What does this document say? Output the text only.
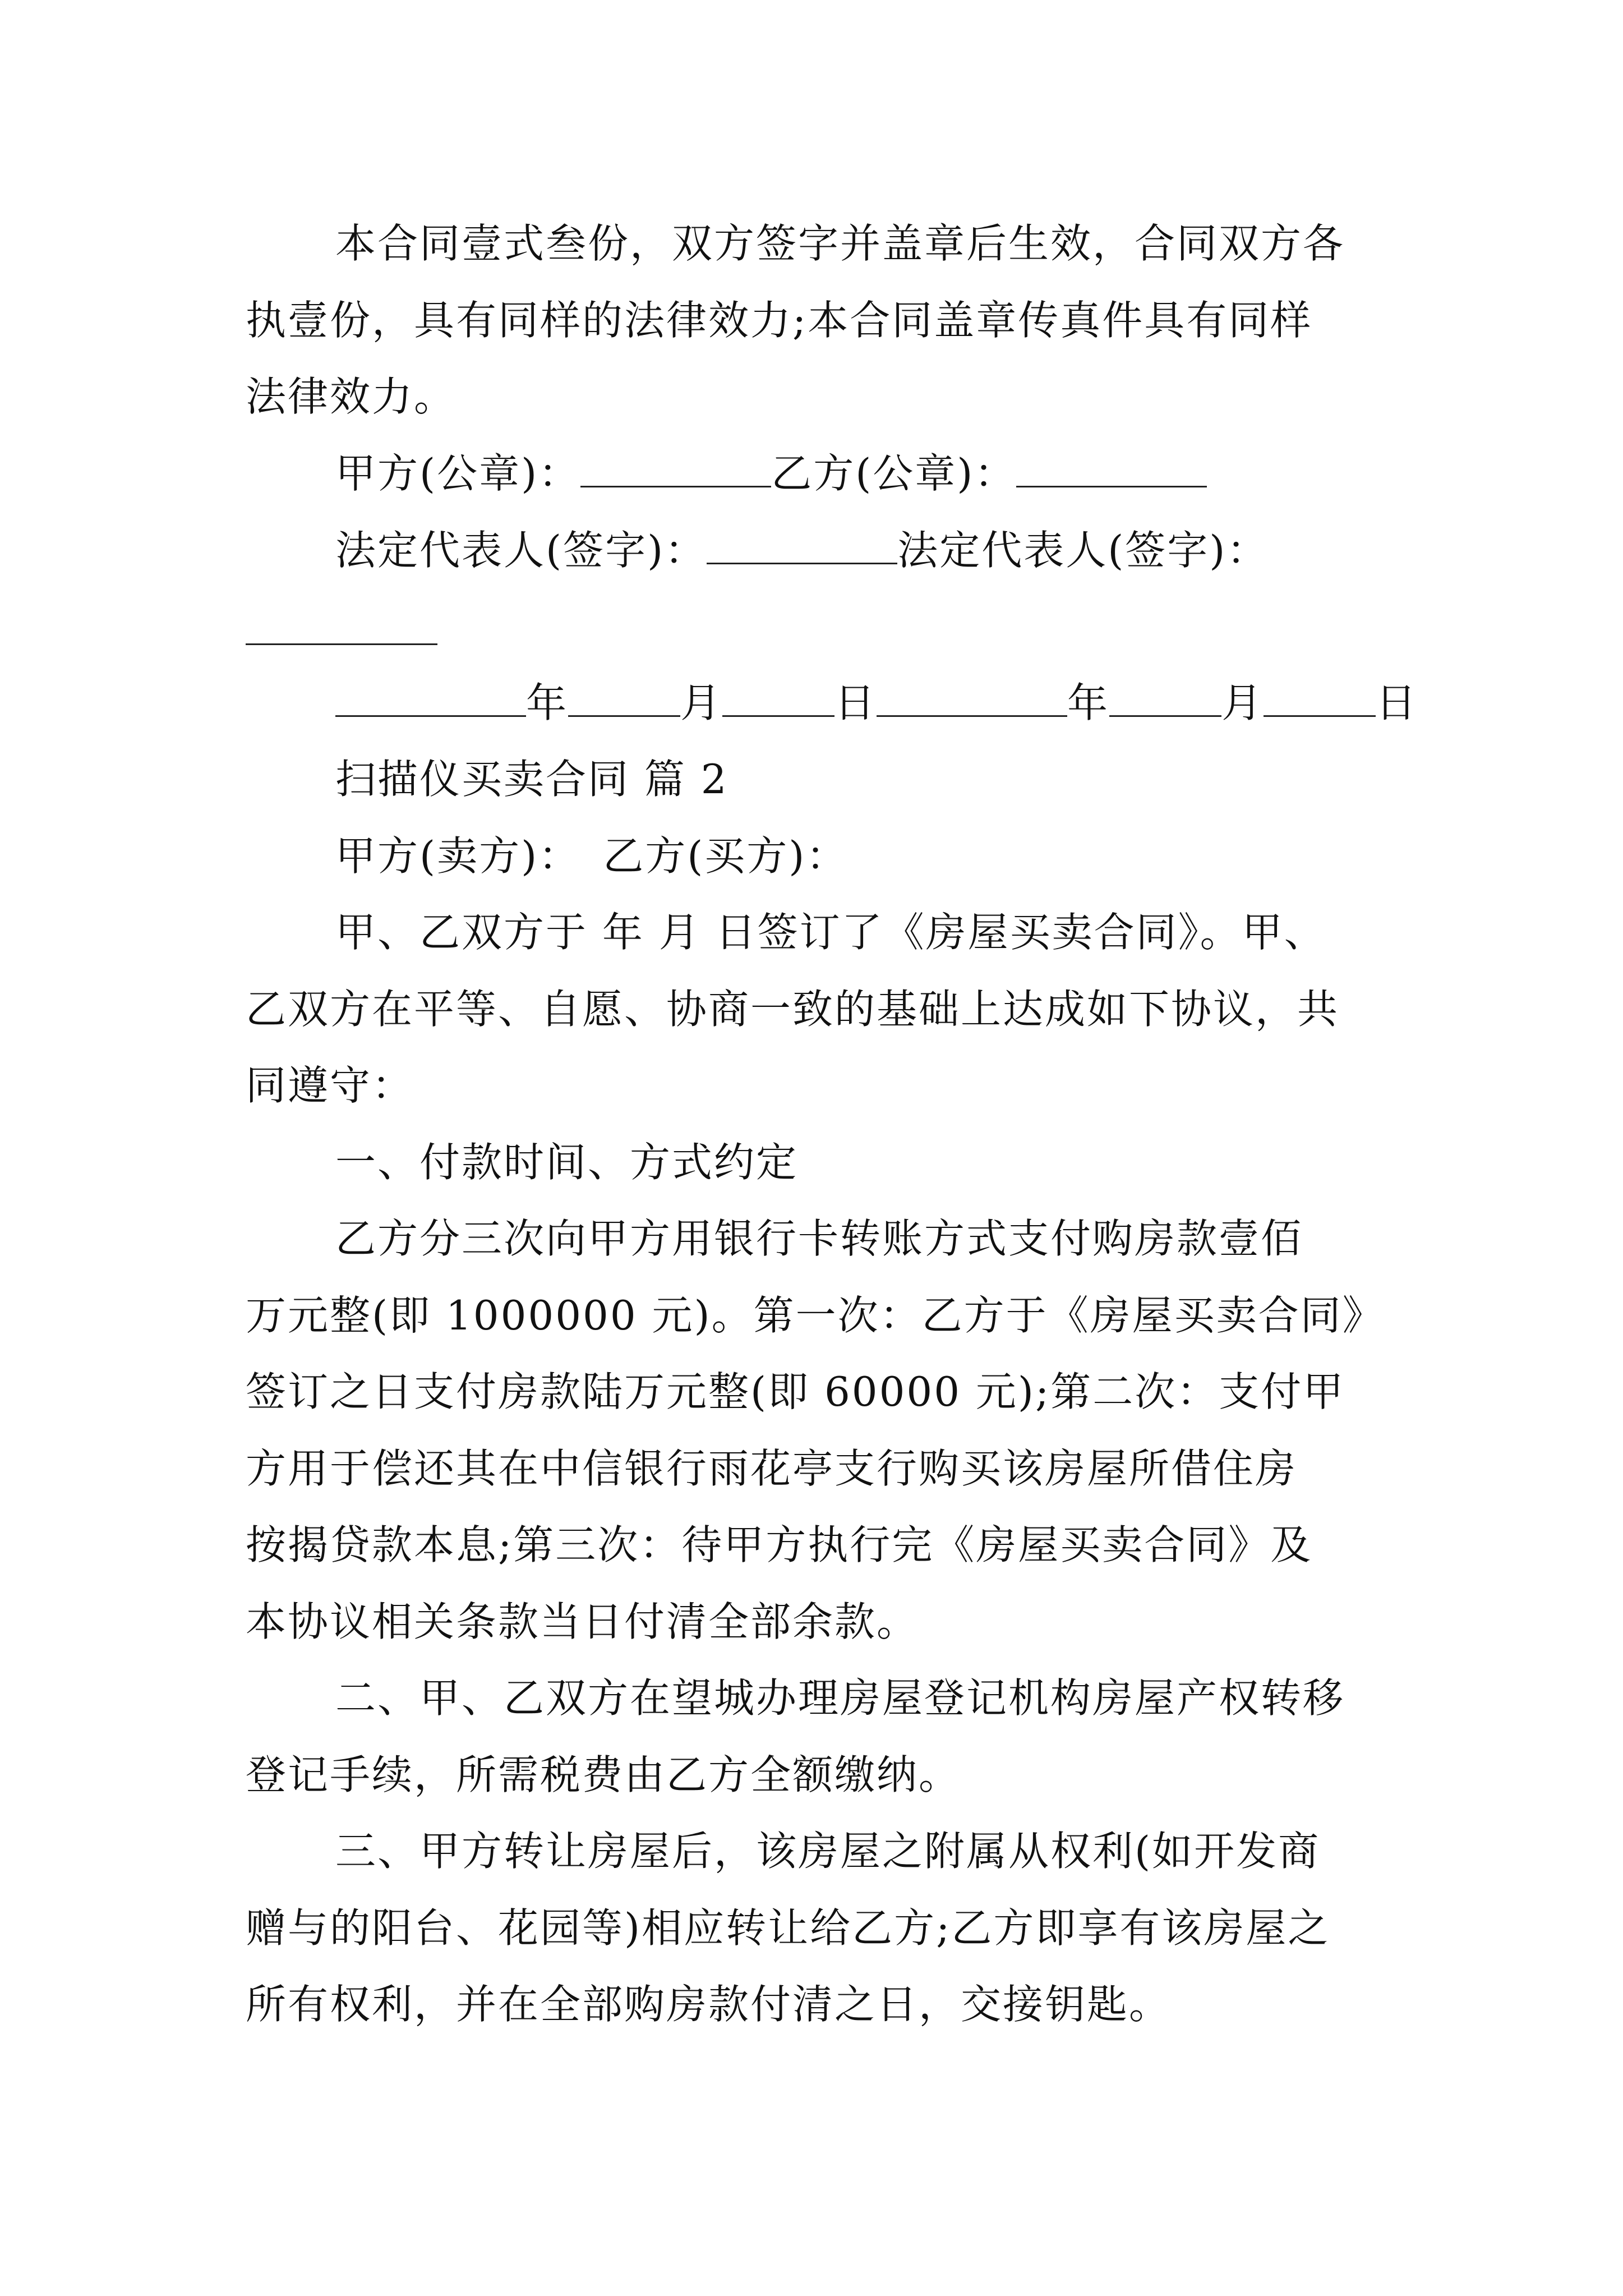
本合同壹式叁份，双方签字并盖章后生效，合同双方各

执壹份，具有同样的法律效力;本合同盖章传真件具有同样

法律效力。

甲方(公章)：	乙方(公章)：

法定代表人(签字)：	法定代表人(签字)：

年	月	日	年	月	日

扫描仪买卖合同 篇 2

甲方(卖方)： 乙方(买方)：

甲、乙双方于 年 月 日签订了《房屋买卖合同》。甲、

乙双方在平等、自愿、协商一致的基础上达成如下协议，共

同遵守：

一、付款时间、方式约定

乙方分三次向甲方用银行卡转账方式支付购房款壹佰

万元整(即 1000000 元)。第一次：乙方于《房屋买卖合同》

签订之日支付房款陆万元整(即 60000 元);第二次：支付甲

方用于偿还其在中信银行雨花亭支行购买该房屋所借住房

按揭贷款本息;第三次：待甲方执行完《房屋买卖合同》及

本协议相关条款当日付清全部余款。

二、甲、乙双方在望城办理房屋登记机构房屋产权转移

登记手续，所需税费由乙方全额缴纳。

三、甲方转让房屋后，该房屋之附属从权利(如开发商

赠与的阳台、花园等)相应转让给乙方;乙方即享有该房屋之

所有权利，并在全部购房款付清之日，交接钥匙。
